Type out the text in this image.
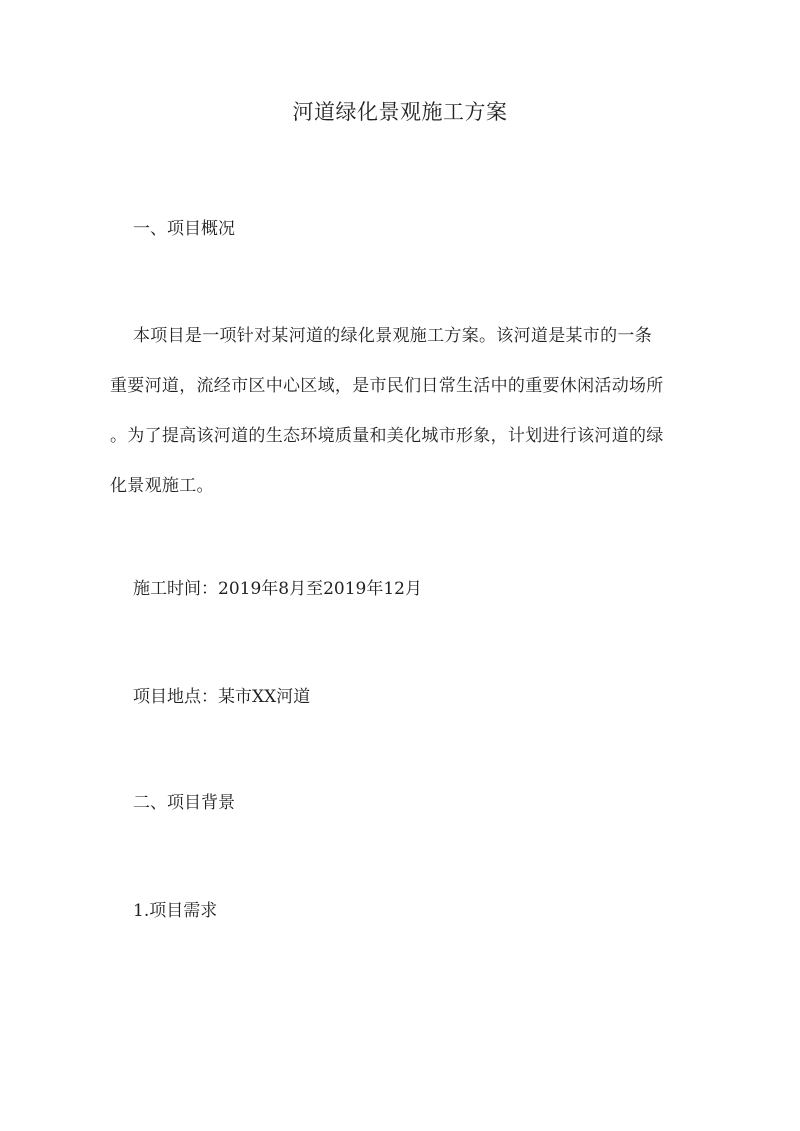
河道绿化景观施工方案
一、项目概况
本项目是一项针对某河道的绿化景观施工方案。该河道是某市的一条
重要河道，流经市区中心区域，是市民们日常生活中的重要休闲活动场所
。为了提高该河道的生态环境质量和美化城市形象，计划进行该河道的绿
化景观施工。
施工时间：2019年8月至2019年12月
项目地点：某市XX河道
二、项目背景
1.项目需求
